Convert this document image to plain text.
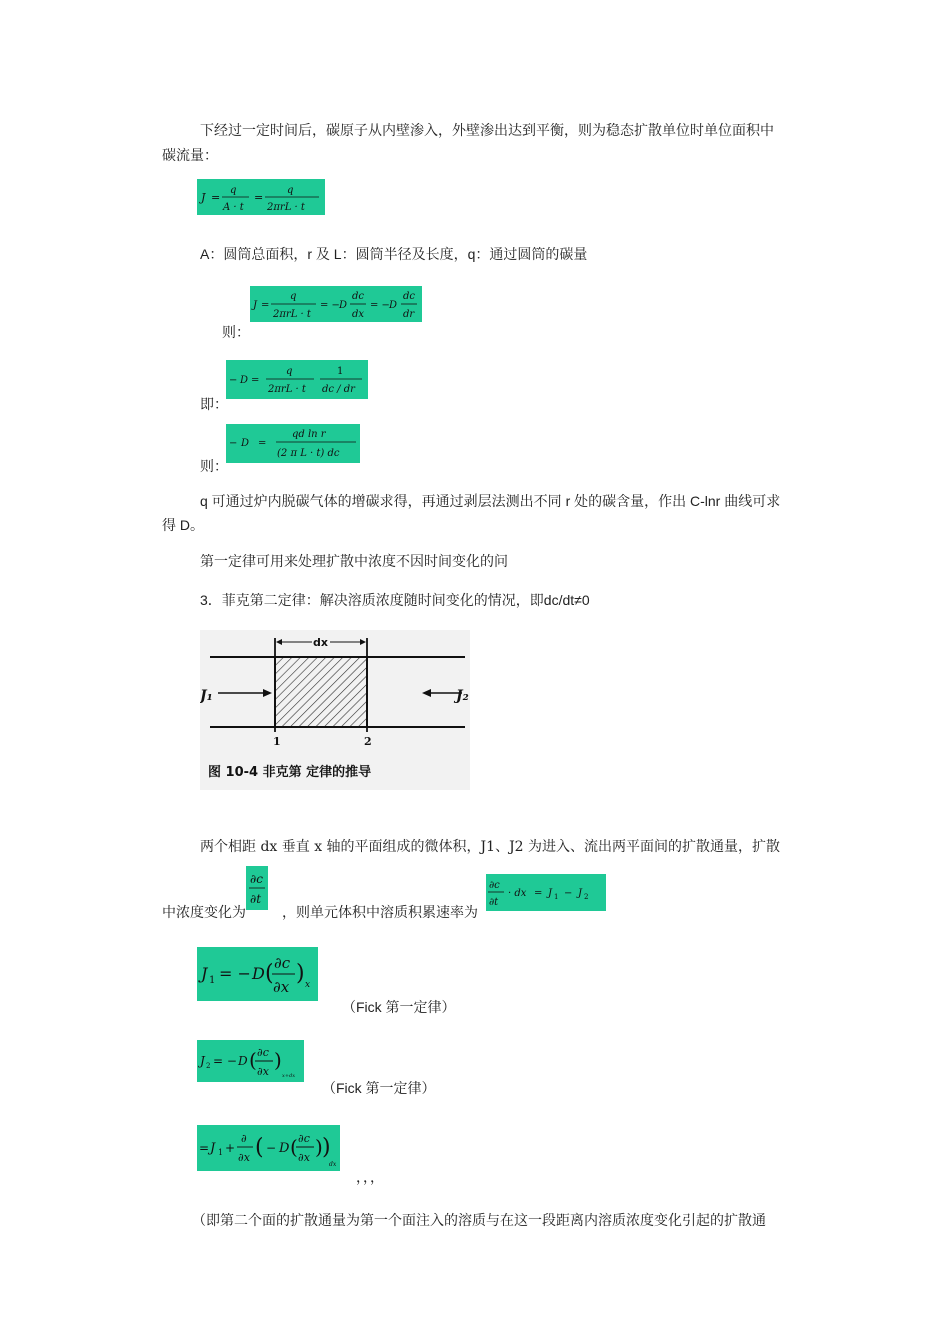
下经过一定时间后，碳原子从内壁渗入，外壁渗出达到平衡，则为稳态扩散单位时单位面积中
碳流量：
J =
q
A · t
=
q
2πrL · t
A：圆筒总面积，r 及 L：圆筒半径及长度，q：通过圆筒的碳量
J =
q
2πrL · t
= − D
dc
dx
= − D
dc
dr
则：
− D =
q
2πrL · t
1
dc / dr
即：
− D =
qd ln r
(2 π L · t) dc
则：
q 可通过炉内脱碳气体的增碳求得，再通过剥层法测出不同 r 处的碳含量，作出 C-lnr 曲线可求
得 D。
第一定律可用来处理扩散中浓度不因时间变化的问
3．菲克第二定律：解决溶质浓度随时间变化的情况，即dc/dt≠0
dx
J₁	J₂
1	2
图 10-4 非克第 定律的推导
两个相距 dx 垂直 x 轴的平面组成的微体积，J1、J2 为进入、流出两平面间的扩散通量，扩散
∂c
∂t
中浓度变化为	，则单元体积中溶质积累速率为
∂c
∂t
· dx = J 1 − J 2
J 1 = − D ( ∂c
∂x
) x
（Fick 第一定律）
J 2 = − D ( ∂c
∂x )
x+dx
（Fick 第一定律）
= J 1 +
∂
∂x ( − D ( ∂c
∂x ) )
dx
，，，
（即第二个面的扩散通量为第一个面注入的溶质与在这一段距离内溶质浓度变化引起的扩散通
